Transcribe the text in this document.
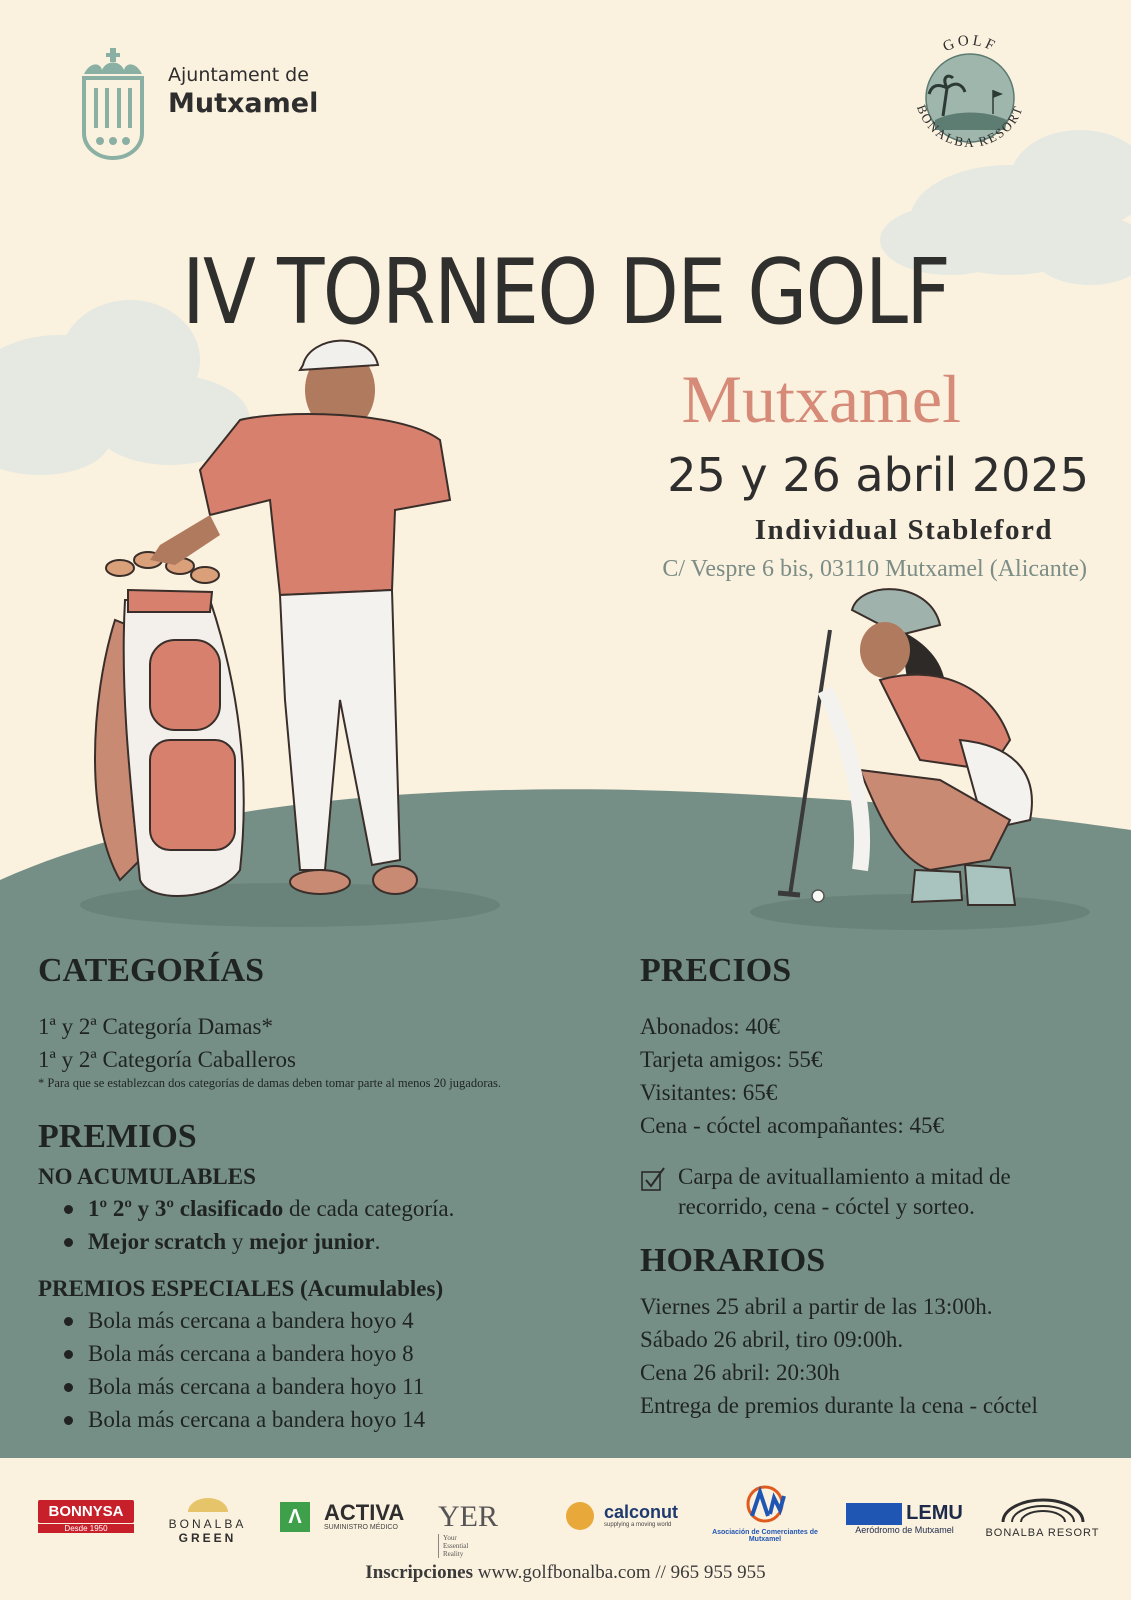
Ajuntament de
Mutxamel
GOLF
BONALBA RESORT
IV TORNEO DE GOLF
Mutxamel
25 y 26 abril 2025
Individual Stableford
C/ Vespre 6 bis, 03110 Mutxamel (Alicante)
CATEGORÍAS
1ª y 2ª Categoría Damas*
1ª y 2ª Categoría Caballeros
* Para que se establezcan dos categorías de damas deben tomar parte al menos 20 jugadoras.
PREMIOS
NO ACUMULABLES
1º 2º y 3º clasificado de cada categoría.
Mejor scratch y mejor junior.
PREMIOS ESPECIALES (Acumulables)
Bola más cercana a bandera hoyo 4
Bola más cercana a bandera hoyo 8
Bola más cercana a bandera hoyo 11
Bola más cercana a bandera hoyo 14
PRECIOS
Abonados: 40€
Tarjeta amigos: 55€
Visitantes: 65€
Cena - cóctel acompañantes: 45€
Carpa de avituallamiento a mitad de
recorrido, cena - cóctel y sorteo.
HORARIOS
Viernes 25 abril a partir de las 13:00h.
Sábado 26 abril, tiro 09:00h.
Cena 26 abril: 20:30h
Entrega de premios durante la cena - cóctel
BONNYSA
Desde 1950	BONALBA
GREEN
Λ ACTIVA
SUMINISTRO MÉDICO YER Your Essential Reality

calconut
supplying a moving world
Asociación de Comerciantes de Mutxamel
LEMU
Aeródromo de Mutxamel	BONALBA RESORT
Inscripciones www.golfbonalba.com // 965 955 955
